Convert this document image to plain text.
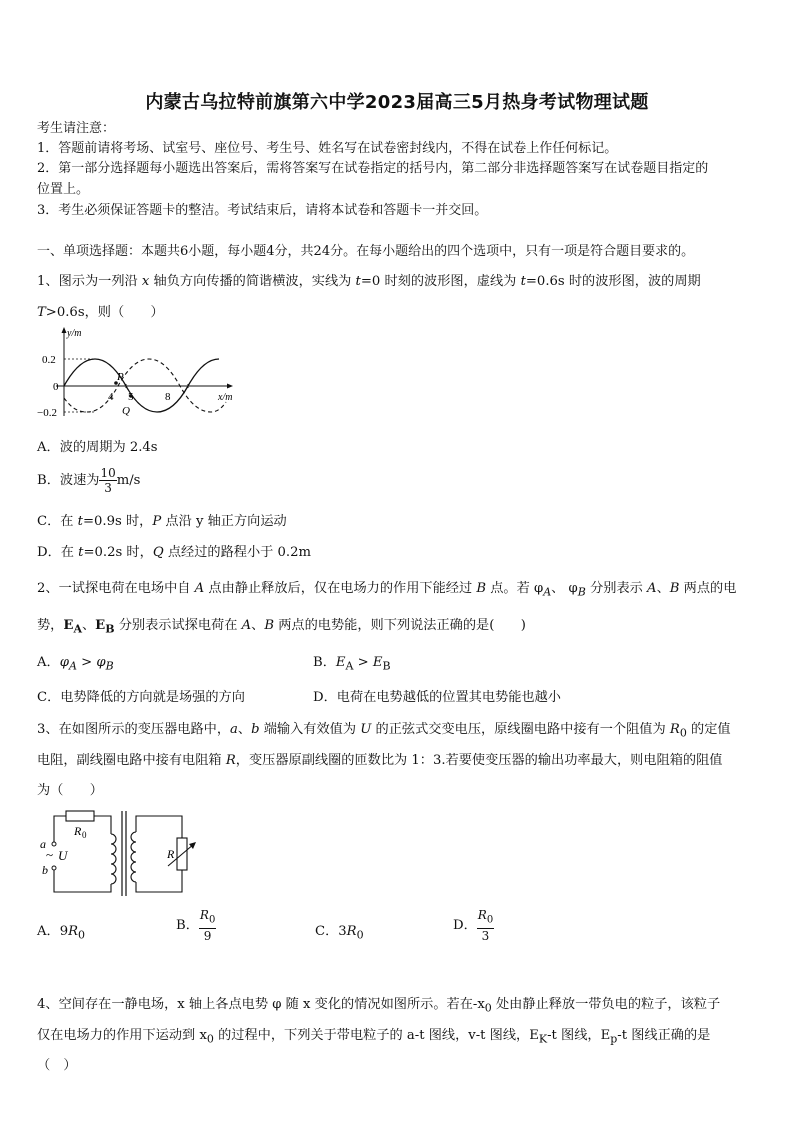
内蒙古乌拉特前旗第六中学2023届高三5月热身考试物理试题
考生请注意：
1．答题前请将考场、试室号、座位号、考生号、姓名写在试卷密封线内，不得在试卷上作任何标记。
2．第一部分选择题每小题选出答案后，需将答案写在试卷指定的括号内，第二部分非选择题答案写在试卷题目指定的
位置上。
3．考生必须保证答题卡的整洁。考试结束后，请将本试卷和答题卡一并交回。
一、单项选择题：本题共6小题，每小题4分，共24分。在每小题给出的四个选项中，只有一项是符合题目要求的。
1、图示为一列沿 x 轴负方向传播的简谐横波，实线为 t=0 时刻的波形图，虚线为 t=0.6s 时的波形图，波的周期
T>0.6s，则（　　）
y/m
0.2
0
−0.2
4 5	8	x/m
P
Q
A．波的周期为 2.4s
B．波速为 $\frac{10}{3} m/s$
C．在 t=0.9s 时，P 点沿 y 轴正方向运动
D．在 t=0.2s 时，Q 点经过的路程小于 0.2m
2、一试探电荷在电场中自 A 点由静止释放后，仅在电场力的作用下能经过 B 点。若 $\varphi_A$、 $\varphi_B$ 分别表示 A、B 两点的电
势，$E_A$、$E_B$ 分别表示试探电荷在 A、B 两点的电势能，则下列说法正确的是(　　)
A．$\varphi_A > \varphi_B$	B．$E_A > E_B$
C．电势降低的方向就是场强的方向	D．电荷在电势越低的位置其电势能也越小
3、在如图所示的变压器电路中，a、b 端输入有效值为 U 的正弦式交变电压，原线圈电路中接有一个阻值为 $R_0$ 的定值
电阻，副线圈电路中接有电阻箱 R，变压器原副线圈的匝数比为 1：3.若要使变压器的输出功率最大，则电阻箱的阻值
为（　　）
R 0
a
~ U
b
R
A．$9R_0$
B． $\frac{R_0}{9}$	C．$3R_0$
D． $\frac{R_0}{3}$
4、空间存在一静电场，x 轴上各点电势 φ 随 x 变化的情况如图所示。若在$-x_0$ 处由静止释放一带负电的粒子，该粒子
仅在电场力的作用下运动到 $x_0$ 的过程中，下列关于带电粒子的 a-t 图线，v-t 图线，$E_K-t$ 图线，$E_p-t$ 图线正确的是
（　）
